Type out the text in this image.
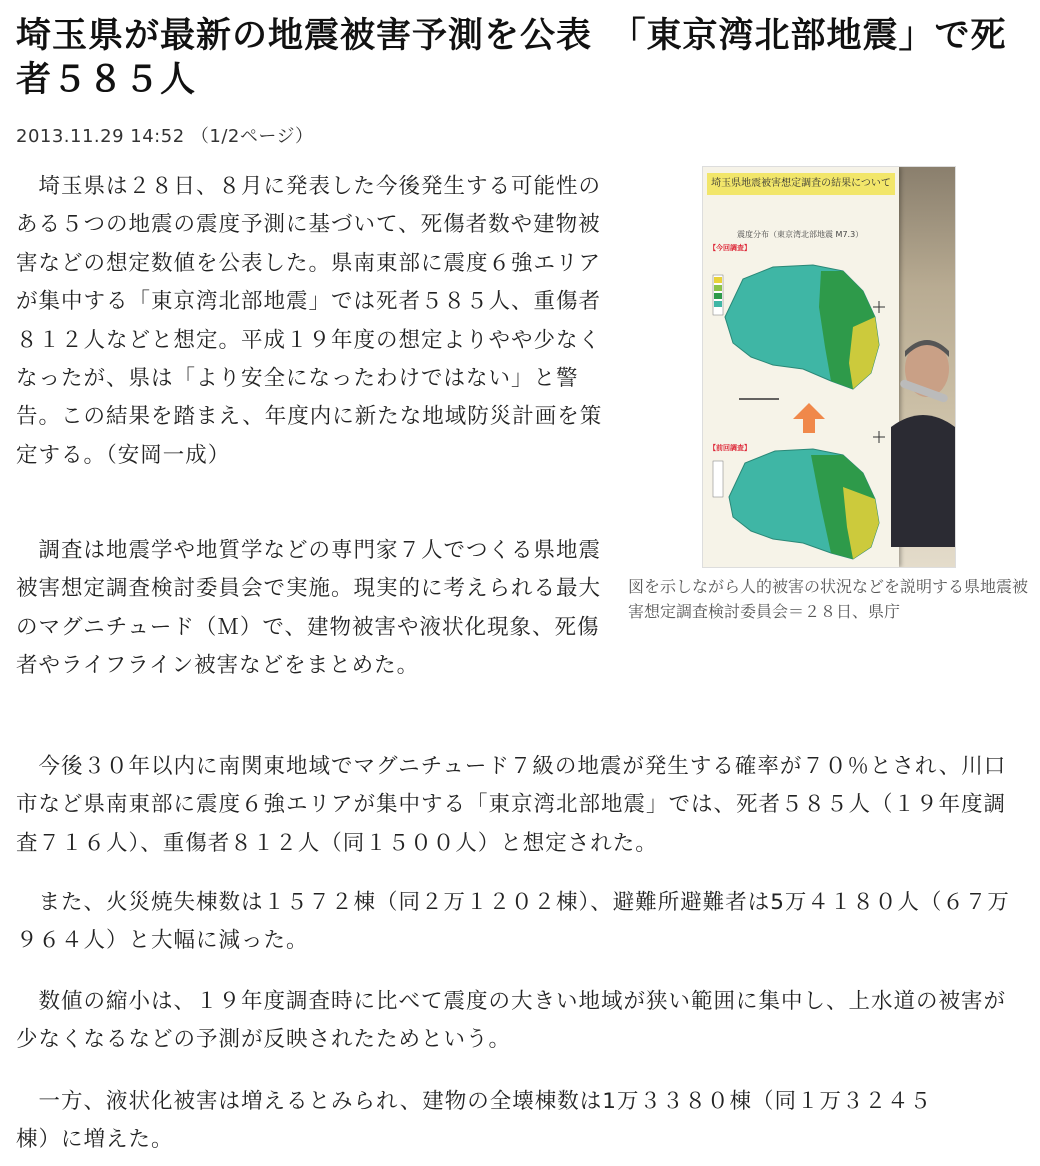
埼玉県が最新の地震被害予測を公表　「東京湾北部地震」で死者５８５人
2013.11.29 14:52 （1/2ページ）

　埼玉県は２８日、８月に発表した今後発生する可能性のある５つの地震の震度予測に基づいて、死傷者数や建物被害などの想定数値を公表した。県南東部に震度６強エリアが集中する「東京湾北部地震」では死者５８５人、重傷者８１２人などと想定。平成１９年度の想定よりやや少なくなったが、県は「より安全になったわけではない」と警告。この結果を踏まえ、年度内に新たな地域防災計画を策定する。（安岡一成）

　調査は地震学や地質学などの専門家７人でつくる県地震被害想定調査検討委員会で実施。現実的に考えられる最大のマグニチュード（Ｍ）で、建物被害や液状化現象、死傷者やライフライン被害などをまとめた。

埼玉県地震被害想定調査の結果について
【今回調査】
震度分布（東京湾北部地震 M7.3）
【前回調査】

図を示しながら人的被害の状況などを説明する県地震被害想定調査検討委員会＝２８日、県庁

　今後３０年以内に南関東地域でマグニチュード７級の地震が発生する確率が７０％とされ、川口市など県南東部に震度６強エリアが集中する「東京湾北部地震」では、死者５８５人（１９年度調査７１６人）、重傷者８１２人（同１５００人）と想定された。

　また、火災焼失棟数は１５７２棟（同２万１２０２棟）、避難所避難者は5万４１８０人（６７万９６４人）と大幅に減った。

　数値の縮小は、１９年度調査時に比べて震度の大きい地域が狭い範囲に集中し、上水道の被害が少なくなるなどの予測が反映されたためという。

　一方、液状化被害は増えるとみられ、建物の全壊棟数は1万３３８０棟（同１万３２４５棟）に増えた。
